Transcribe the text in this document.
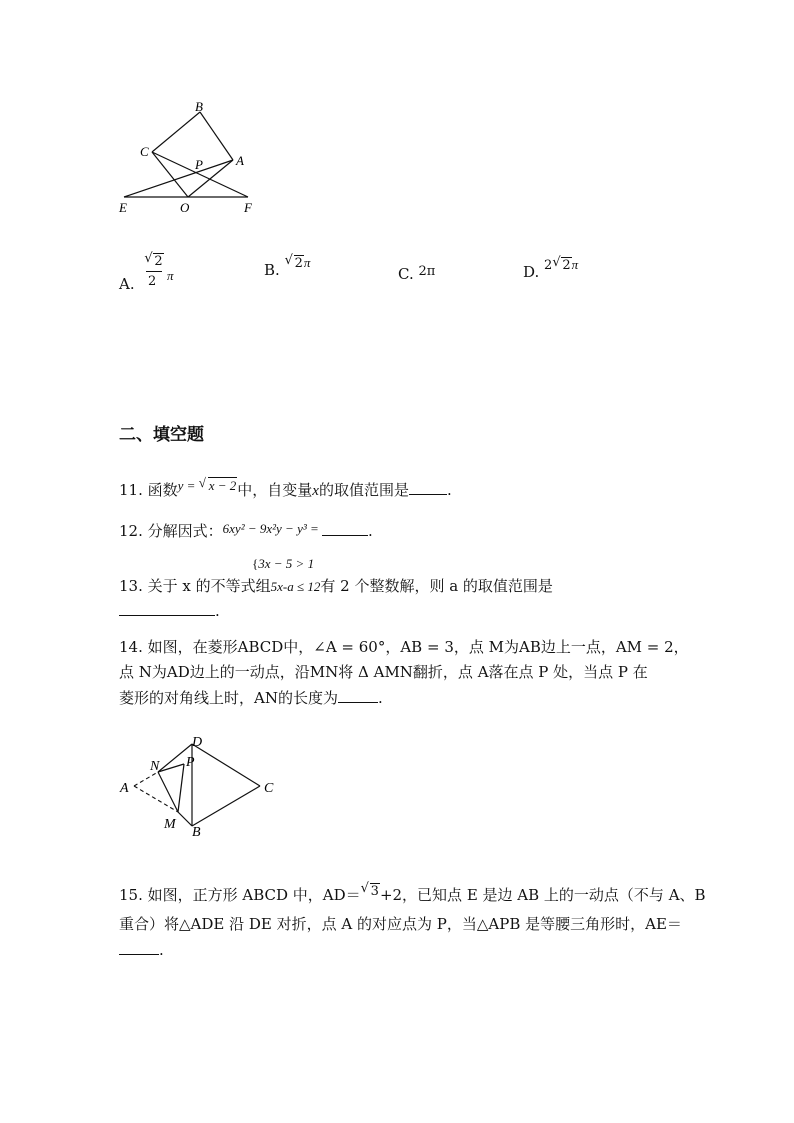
B
C
P	A
E	O	F
A.
√ 2
2 π	B.
√ 2π
C. 2π	D. 2 √ 2π
二、填空题
11. 函数y = √ x − 2中，自变量x的取值范围是	.
12. 分解因式：6xy² − 9x²y − y³ =	.
{3x − 5 > 1
13. 关于 x 的不等式组5x-a ≤ 12有 2 个整数解，则 a 的取值范围是
.
14. 如图，在菱形ABCD中，∠A = 60°，AB = 3，点 M为AB边上一点，AM = 2，
点 N为AD边上的一动点，沿MN将 Δ AMN翻折，点 A落在点 P 处，当点 P 在
菱形的对角线上时，AN的长度为	.
D
N P
A	C
M
B
15. 如图，正方形 ABCD 中，AD＝ √ 3+2，已知点 E 是边 AB 上的一动点（不与 A、B
重合）将△ADE 沿 DE 对折，点 A 的对应点为 P，当△APB 是等腰三角形时，AE＝
.
